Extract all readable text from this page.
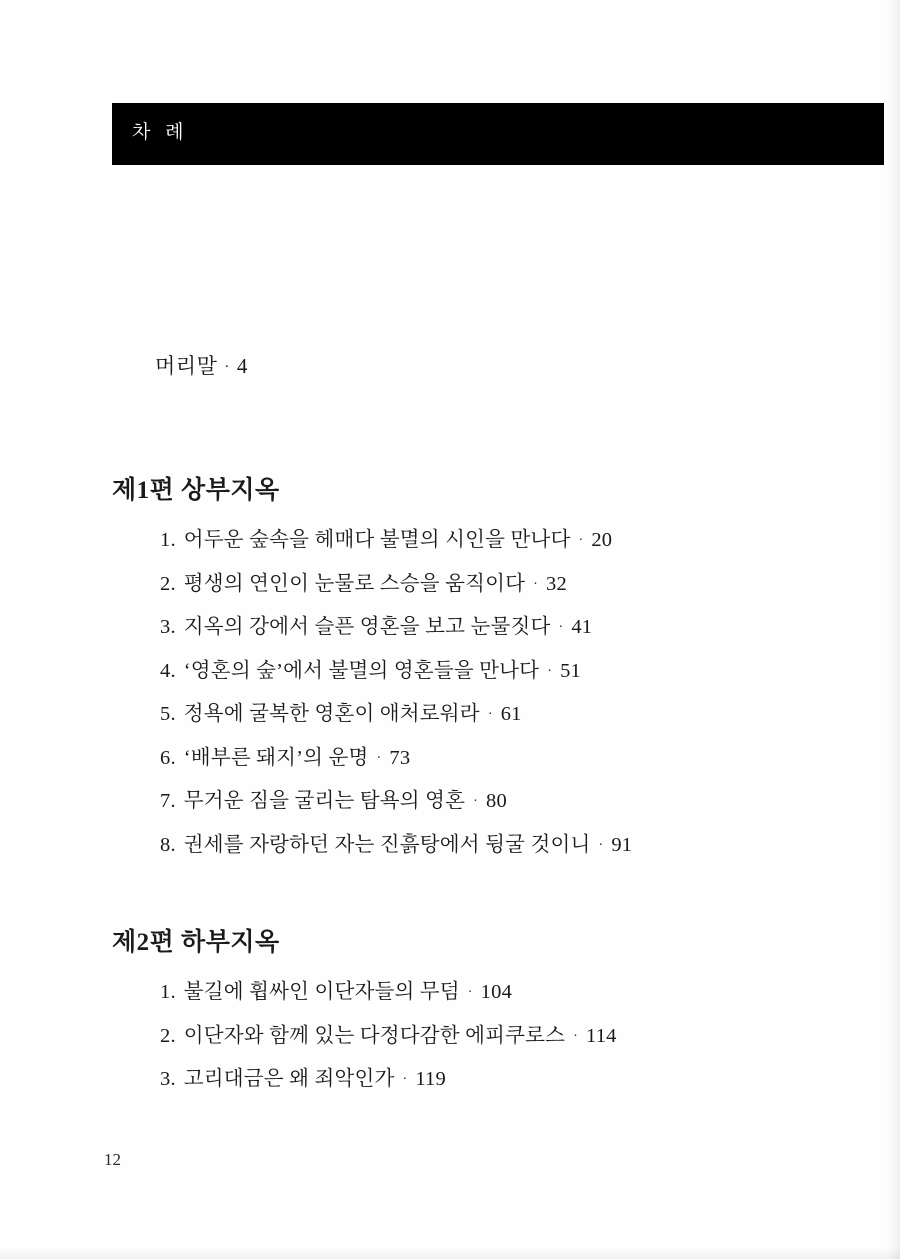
차 례
머리말 · 4
제1편 상부지옥
1. 어두운 숲속을 헤매다 불멸의 시인을 만나다 · 20
2. 평생의 연인이 눈물로 스승을 움직이다 · 32
3. 지옥의 강에서 슬픈 영혼을 보고 눈물짓다 · 41
4. ‘영혼의 숲’에서 불멸의 영혼들을 만나다 · 51
5. 정욕에 굴복한 영혼이 애처로워라 · 61
6. ‘배부른 돼지’의 운명 · 73
7. 무거운 짐을 굴리는 탐욕의 영혼 · 80
8. 권세를 자랑하던 자는 진흙탕에서 뒹굴 것이니 · 91
제2편 하부지옥
1. 불길에 휩싸인 이단자들의 무덤 · 104
2. 이단자와 함께 있는 다정다감한 에피쿠로스 · 114
3. 고리대금은 왜 죄악인가 · 119
12
